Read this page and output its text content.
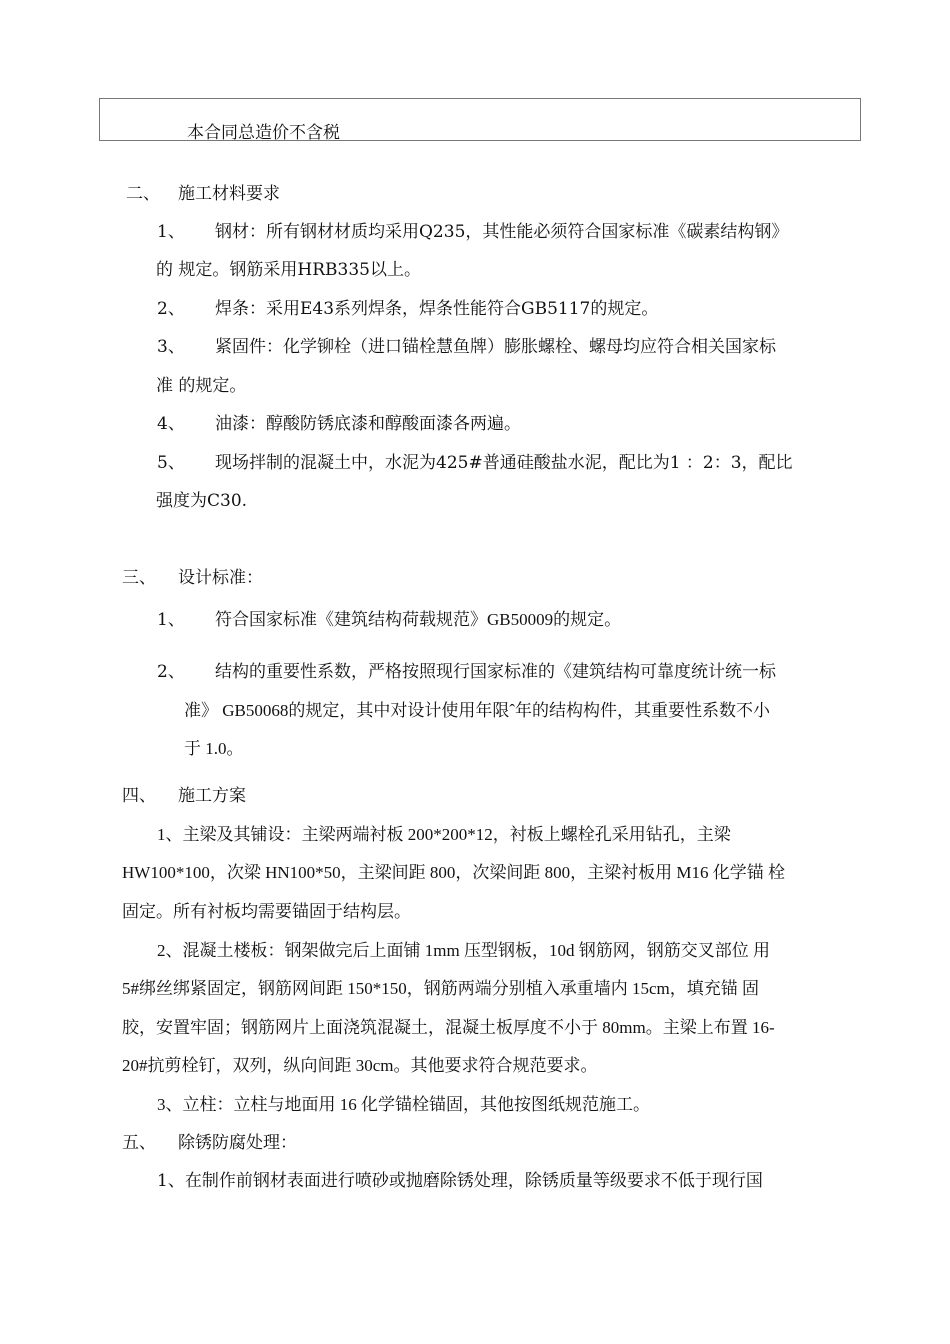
本合同总造价不含税
二、 施工材料要求
1、 钢材：所有钢材材质均采用Q235，其性能必须符合国家标准《碳素结构钢》
的 规定。钢筋采用HRB335以上。
2、 焊条：采用E43系列焊条，焊条性能符合GB5117的规定。
3、 紧固件：化学铆栓（进口锚栓慧鱼牌）膨胀螺栓、螺母均应符合相关国家标
准 的规定。
4、 油漆：醇酸防锈底漆和醇酸面漆各两遍。
5、 现场拌制的混凝土中，水泥为425#普通硅酸盐水泥，配比为1 ：2：3，配比
强度为C30.
三、 设计标准：
1、 符合国家标准《建筑结构荷载规范》GB50009的规定。
2、 结构的重要性系数，严格按照现行国家标准的《建筑结构可靠度统计统一标
准》 GB50068的规定，其中对设计使用年限ˆ年的结构构件，其重要性系数不小
于 1.0。
四、 施工方案
1、主梁及其铺设：主梁两端衬板 200*200*12，衬板上螺栓孔采用钻孔，主梁
HW100*100，次梁 HN100*50，主梁间距 800，次梁间距 800，主梁衬板用 M16 化学锚 栓
固定。所有衬板均需要锚固于结构层。
2、混凝土楼板：钢架做完后上面铺 1mm 压型钢板，10d 钢筋网，钢筋交叉部位 用
5#绑丝绑紧固定，钢筋网间距 150*150，钢筋两端分别植入承重墙内 15cm，填充锚 固
胶，安置牢固；钢筋网片上面浇筑混凝土，混凝土板厚度不小于 80mm。主梁上布置 16-
20#抗剪栓钉，双列，纵向间距 30cm。其他要求符合规范要求。
3、立柱：立柱与地面用 16 化学锚栓锚固，其他按图纸规范施工。
五、 除锈防腐处理：
1、在制作前钢材表面进行喷砂或抛磨除锈处理，除锈质量等级要求不低于现行国
